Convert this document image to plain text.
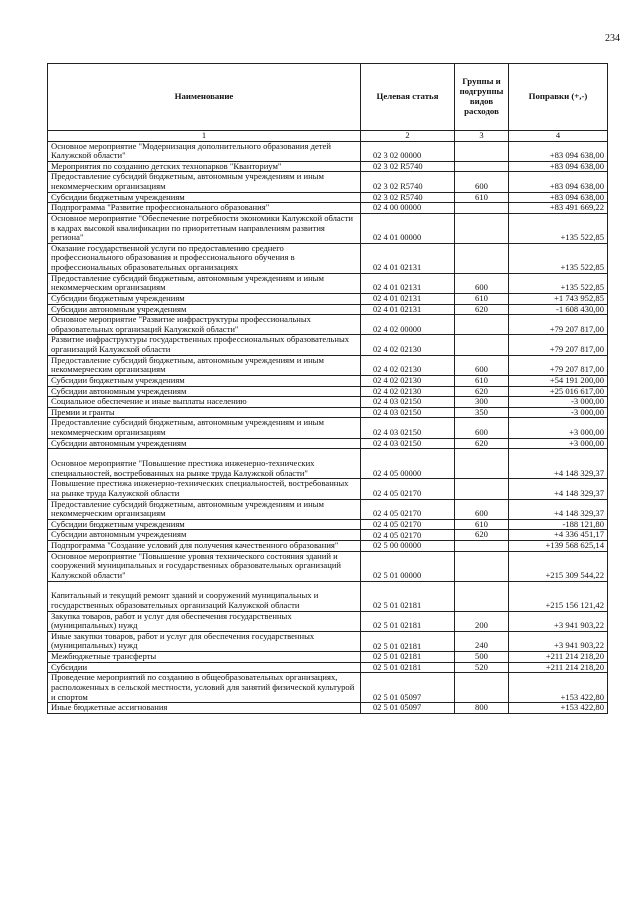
234
Наименование	Целевая статья	Группы и подгруппы видов расходов	Поправки (+,-)
1	2	3	4
Основное мероприятие "Модернизация дополнительного образования детей Калужской области"	02 3 02 00000		+83 094 638,00
Мероприятия по созданию детских технопарков "Кванториум"	02 3 02 R5740		+83 094 638,00
Предоставление субсидий бюджетным, автономным учреждениям и иным некоммерческим организациям	02 3 02 R5740	600	+83 094 638,00
Субсидии бюджетным учреждениям	02 3 02 R5740	610	+83 094 638,00
Подпрограмма "Развитие профессионального образования"	02 4 00 00000		+83 491 669,22
Основное мероприятие "Обеспечение потребности экономики Калужской области в кадрах высокой квалификации по приоритетным направлениям развития региона"	02 4 01 00000		+135 522,85
Оказание государственной услуги по предоставлению среднего профессионального образования и профессионального обучения в профессиональных образовательных организациях	02 4 01 02131		+135 522,85
Предоставление субсидий бюджетным, автономным учреждениям и иным некоммерческим организациям	02 4 01 02131	600	+135 522,85
Субсидии бюджетным учреждениям	02 4 01 02131	610	+1 743 952,85
Субсидии автономным учреждениям	02 4 01 02131	620	-1 608 430,00
Основное мероприятие "Развитие инфраструктуры профессиональных образовательных организаций Калужской области"	02 4 02 00000		+79 207 817,00
Развитие инфраструктуры государственных профессиональных образовательных организаций Калужской области	02 4 02 02130		+79 207 817,00
Предоставление субсидий бюджетным, автономным учреждениям и иным некоммерческим организациям	02 4 02 02130	600	+79 207 817,00
Субсидии бюджетным учреждениям	02 4 02 02130	610	+54 191 200,00
Субсидии автономным учреждениям	02 4 02 02130	620	+25 016 617,00
Социальное обеспечение и иные выплаты населению	02 4 03 02150	300	-3 000,00
Премии и гранты	02 4 03 02150	350	-3 000,00
Предоставление субсидий бюджетным, автономным учреждениям и иным некоммерческим организациям	02 4 03 02150	600	+3 000,00
Субсидии автономным учреждениям	02 4 03 02150	620	+3 000,00
Основное мероприятие "Повышение престижа инженерно-технических специальностей, востребованных на рынке труда Калужской области"	02 4 05 00000		+4 148 329,37
Повышение престижа инженерно-технических специальностей, востребованных на рынке труда Калужской области	02 4 05 02170		+4 148 329,37
Предоставление субсидий бюджетным, автономным учреждениям и иным некоммерческим организациям	02 4 05 02170	600	+4 148 329,37
Субсидии бюджетным учреждениям	02 4 05 02170	610	-188 121,80
Субсидии автономным учреждениям	02 4 05 02170	620	+4 336 451,17
Подпрограмма "Создание условий для получения качественного образования"	02 5 00 00000		+139 568 625,14
Основное мероприятие "Повышение уровня технического состояния зданий и сооружений муниципальных и государственных образовательных организаций Калужской области"	02 5 01 00000		+215 309 544,22
Капитальный и текущий ремонт зданий и сооружений муниципальных и государственных образовательных организаций Калужской области	02 5 01 02181		+215 156 121,42
Закупка товаров, работ и услуг для обеспечения государственных (муниципальных) нужд	02 5 01 02181	200	+3 941 903,22
Иные закупки товаров, работ и услуг для обеспечения государственных (муниципальных) нужд	02 5 01 02181	240	+3 941 903,22
Межбюджетные трансферты	02 5 01 02181	500	+211 214 218,20
Субсидии	02 5 01 02181	520	+211 214 218,20
Проведение мероприятий по созданию в общеобразовательных организациях, расположенных в сельской местности, условий для занятий физической культурой и спортом	02 5 01 05097		+153 422,80
Иные бюджетные ассигнования	02 5 01 05097	800	+153 422,80
